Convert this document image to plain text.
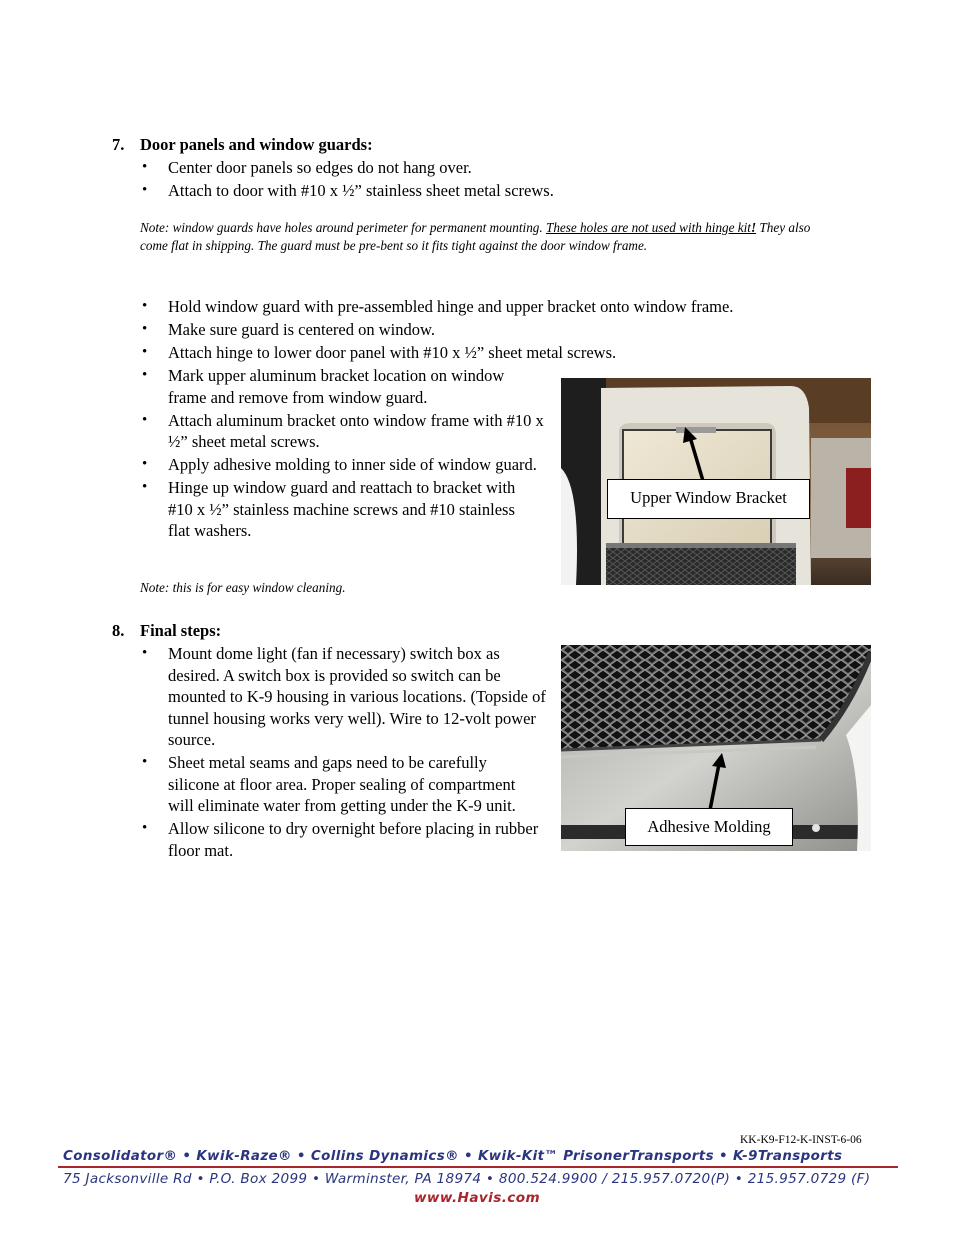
7. Door panels and window guards:
• Center door panels so edges do not hang over.
• Attach to door with #10 x ½” stainless sheet metal screws.
Note: window guards have holes around perimeter for permanent mounting. These holes are not used with hinge kit! They also come flat in shipping. The guard must be pre-bent so it fits tight against the door window frame.
• Hold window guard with pre-assembled hinge and upper bracket onto window frame.
• Make sure guard is centered on window.
• Attach hinge to lower door panel with #10 x ½” sheet metal screws.
• Mark upper aluminum bracket location on window frame and remove from window guard.
• Attach aluminum bracket onto window frame with #10 x ½” sheet metal screws.
• Apply adhesive molding to inner side of window guard.
• Hinge up window guard and reattach to bracket with #10 x ½” stainless machine screws and #10 stainless flat washers.
Note: this is for easy window cleaning.
Upper Window Bracket
8. Final steps:
• Mount dome light (fan if necessary) switch box as desired. A switch box is provided so switch can be mounted to K-9 housing in various locations. (Topside of tunnel housing works very well). Wire to 12-volt power source.
• Sheet metal seams and gaps need to be carefully silicone at floor area. Proper sealing of compartment will eliminate water from getting under the K-9 unit.
• Allow silicone to dry overnight before placing in rubber floor mat.
Adhesive Molding
KK-K9-F12-K-INST-6-06
Consolidator® • Kwik-Raze® • Collins Dynamics® • Kwik-Kit™ PrisonerTransports • K-9Transports
75 Jacksonville Rd • P.O. Box 2099 • Warminster, PA 18974 • 800.524.9900 / 215.957.0720(P) • 215.957.0729 (F)
www.Havis.com
